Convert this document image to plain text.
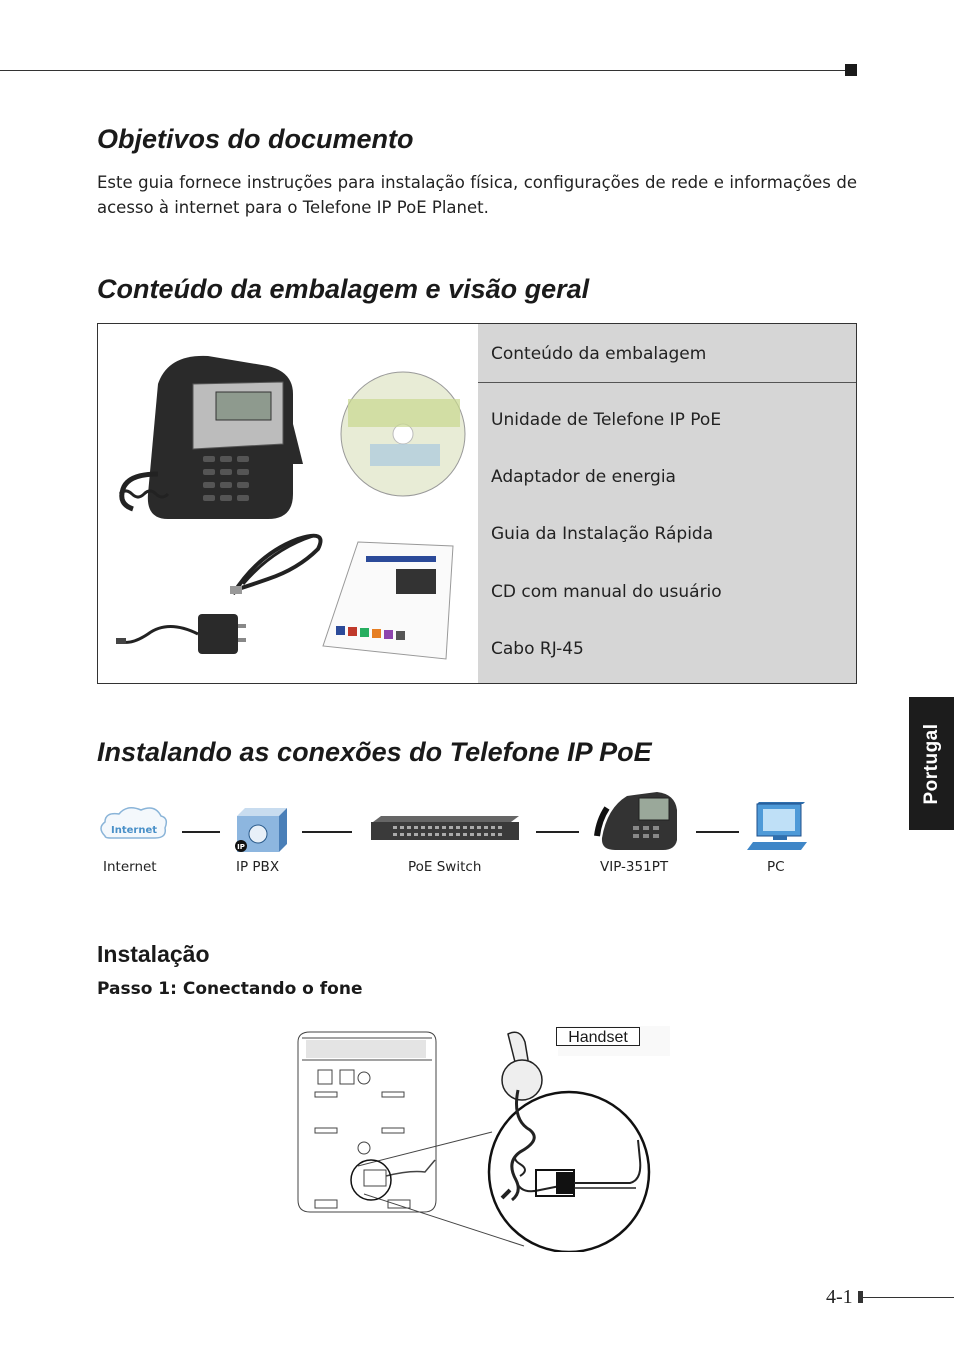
Objetivos do documento
Este guia fornece instruções para instalação física, configurações de rede e informações de acesso à internet para o Telefone IP PoE Planet.
Conteúdo da embalagem e visão geral
Conteúdo da embalagem
Unidade de Telefone IP PoE
Adaptador de energia
Guia da Instalação Rápida
CD com manual do usuário
Cabo RJ-45
Portugal
Instalando as conexões do Telefone IP PoE
Internet
IP
Internet	IP PBX	PoE Switch	VIP-351PT	PC
Instalação
Passo 1: Conectando o fone
Handset
4-1
